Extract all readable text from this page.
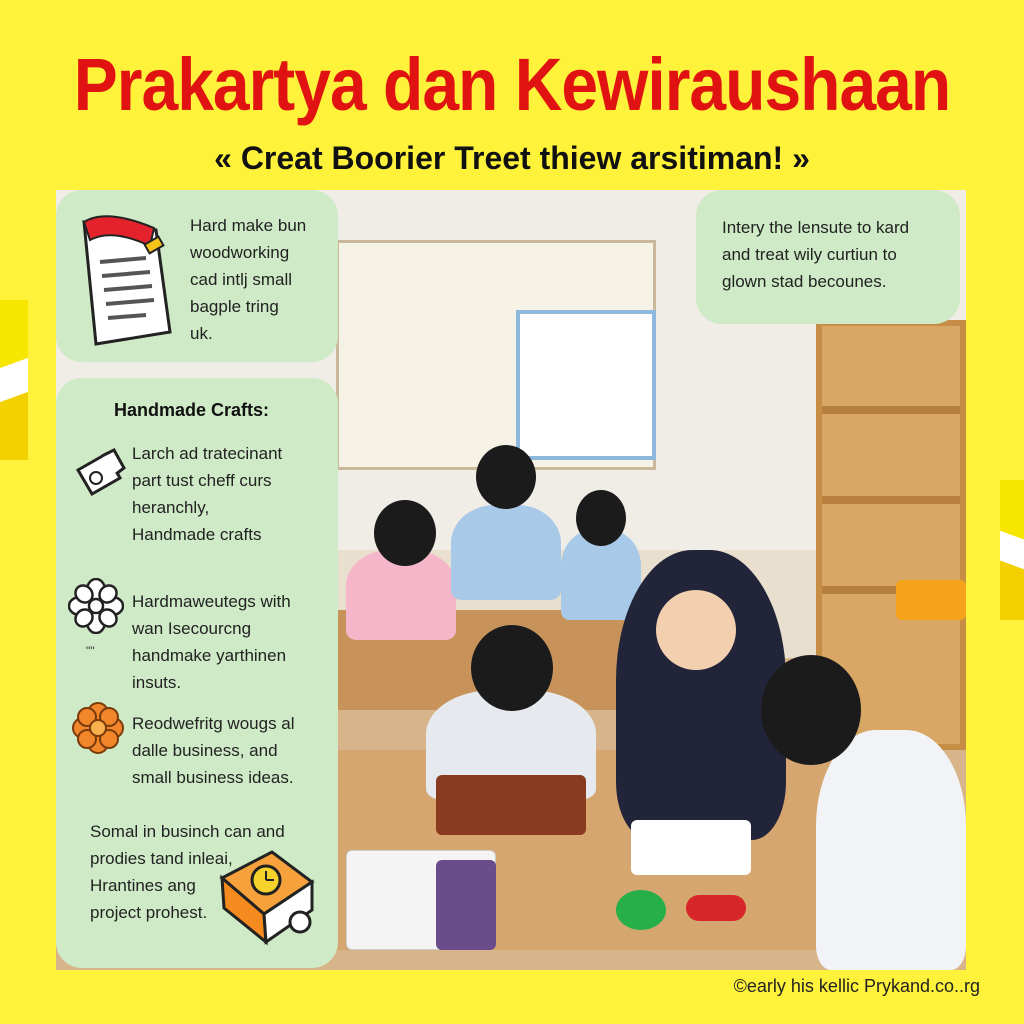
Prakartya dan Kewiraushaan
« Creat Boorier Treet thiew arsitiman! »
Hard make bun
woodworking
cad intlj small
bagple tring
uk.
Intery the lensute to kard
and treat wily curtiun to
glown stad becounes.
Handmade Crafts:
Larch ad tratecinant
part tust cheff curs
heranchly,
Handmade crafts
""
Hardmaweutegs with
wan Isecourcng
handmake yarthinen
insuts.
Reodwefritg wougs al
dalle business, and
small business ideas.
Somal in businch can and
prodies tand inleai,
Hrantines ang
project prohest.
©early his kellic Prykand.co..rg
